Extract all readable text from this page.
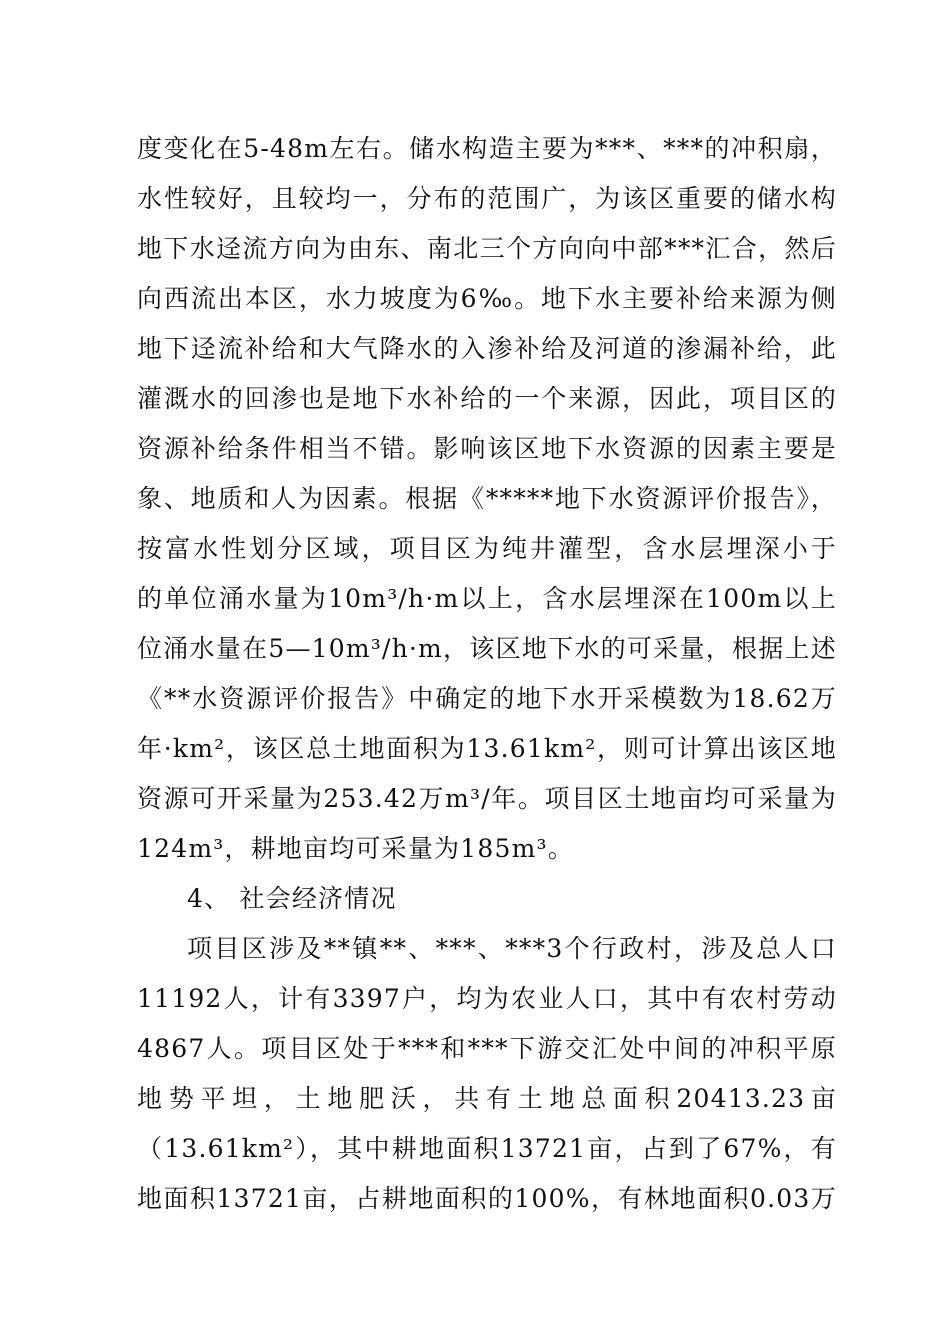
度变化在5-48m左右。储水构造主要为***、***的冲积扇，
水性较好，且较均一，分布的范围广，为该区重要的储水构
地下水迳流方向为由东、南北三个方向向中部***汇合，然后
向西流出本区，水力坡度为6‰。地下水主要补给来源为侧
地下迳流补给和大气降水的入渗补给及河道的渗漏补给，此
灌溉水的回渗也是地下水补给的一个来源，因此，项目区的
资源补给条件相当不错。影响该区地下水资源的因素主要是
象、地质和人为因素。根据《*****地下水资源评价报告》，
按富水性划分区域，项目区为纯井灌型，含水层埋深小于
的单位涌水量为10m³/h·m以上，含水层埋深在100m以上
位涌水量在5—10m³/h·m，该区地下水的可采量，根据上述
《**水资源评价报告》中确定的地下水开采模数为18.62万
年·km²，该区总土地面积为13.61km²，则可计算出该区地
资源可开采量为253.42万m³/年。项目区土地亩均可采量为
124m³，耕地亩均可采量为185m³。
4、 社会经济情况
项目区涉及**镇**、***、***3个行政村，涉及总人口
11192人，计有3397户，均为农业人口，其中有农村劳动
4867人。项目区处于***和***下游交汇处中间的冲积平原
地势平坦，土地肥沃，共有土地总面积20413.23亩
（13.61km²），其中耕地面积13721亩，占到了67%，有
地面积13721亩，占耕地面积的100%，有林地面积0.03万
